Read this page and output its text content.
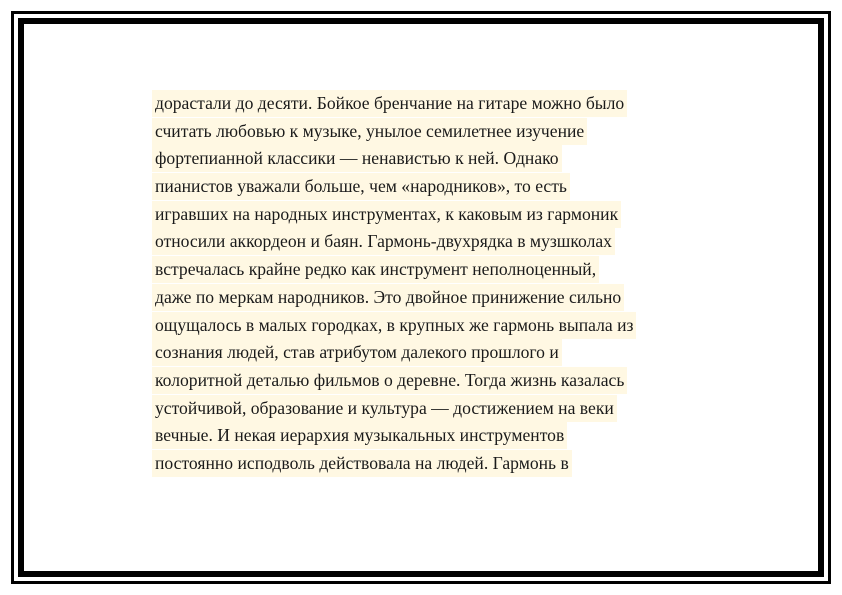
дорастали до десяти. Бойкое бренчание на гитаре можно было
считать любовью к музыке, унылое семилетнее изучение
фортепианной классики — ненавистью к ней. Однако
пианистов уважали больше, чем «народников», то есть
игравших на народных инструментах, к каковым из гармоник
относили аккордеон и баян. Гармонь-двухрядка в музшколах
встречалась крайне редко как инструмент неполноценный,
даже по меркам народников. Это двойное принижение сильно
ощущалось в малых городках, в крупных же гармонь выпала из
сознания людей, став атрибутом далекого прошлого и
колоритной деталью фильмов о деревне. Тогда жизнь казалась
устойчивой, образование и культура — достижением на веки
вечные. И некая иерархия музыкальных инструментов
постоянно исподволь действовала на людей. Гармонь в
